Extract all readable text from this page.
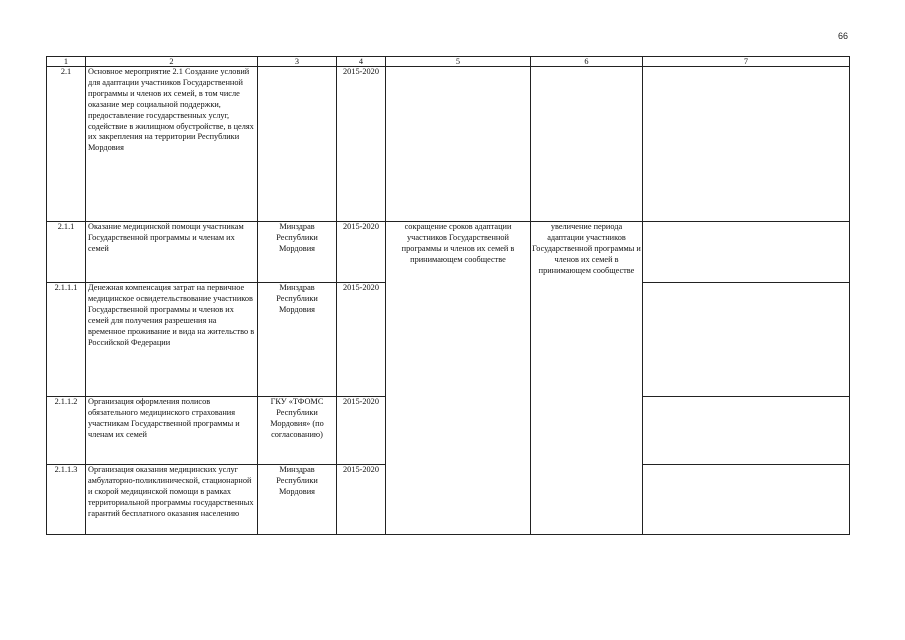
66
1	2	3	4	5	6	7
2.1	Основное мероприятие 2.1 Создание условий для адаптации участников Государственной программы и членов их семей, в том числе оказание мер социальной поддержки, предоставление государственных услуг, содействие в жилищном обустройстве, в целях их закрепления на территории Республики Мордовия		2015-2020			
2.1.1	Оказание медицинской помощи участникам Государственной программы и членам их семей	Минздрав Республики Мордовия	2015-2020	сокращение сроков адаптации участников Государственной программы и членов их семей в принимающем сообществе	увеличение периода адаптации участников Государственной программы и членов их семей в принимающем сообществе	
2.1.1.1	Денежная компенсация затрат на первичное медицинское освидетельствование участников Государственной программы и членов их семей для получения разрешения на временное проживание и вида на жительство в Российской Федерации	Минздрав Республики Мордовия	2015-2020			
2.1.1.2	Организация оформления полисов обязательного медицинского страхования участникам Государственной программы и членам их семей	ГКУ «ТФОМС Республики Мордовия» (по согласованию)	2015-2020			
2.1.1.3	Организация оказания медицинских услуг амбулаторно-поликлинической, стационарной и скорой медицинской помощи в рамках территориальной программы государственных гарантий бесплатного оказания населению	Минздрав Республики Мордовия	2015-2020			
